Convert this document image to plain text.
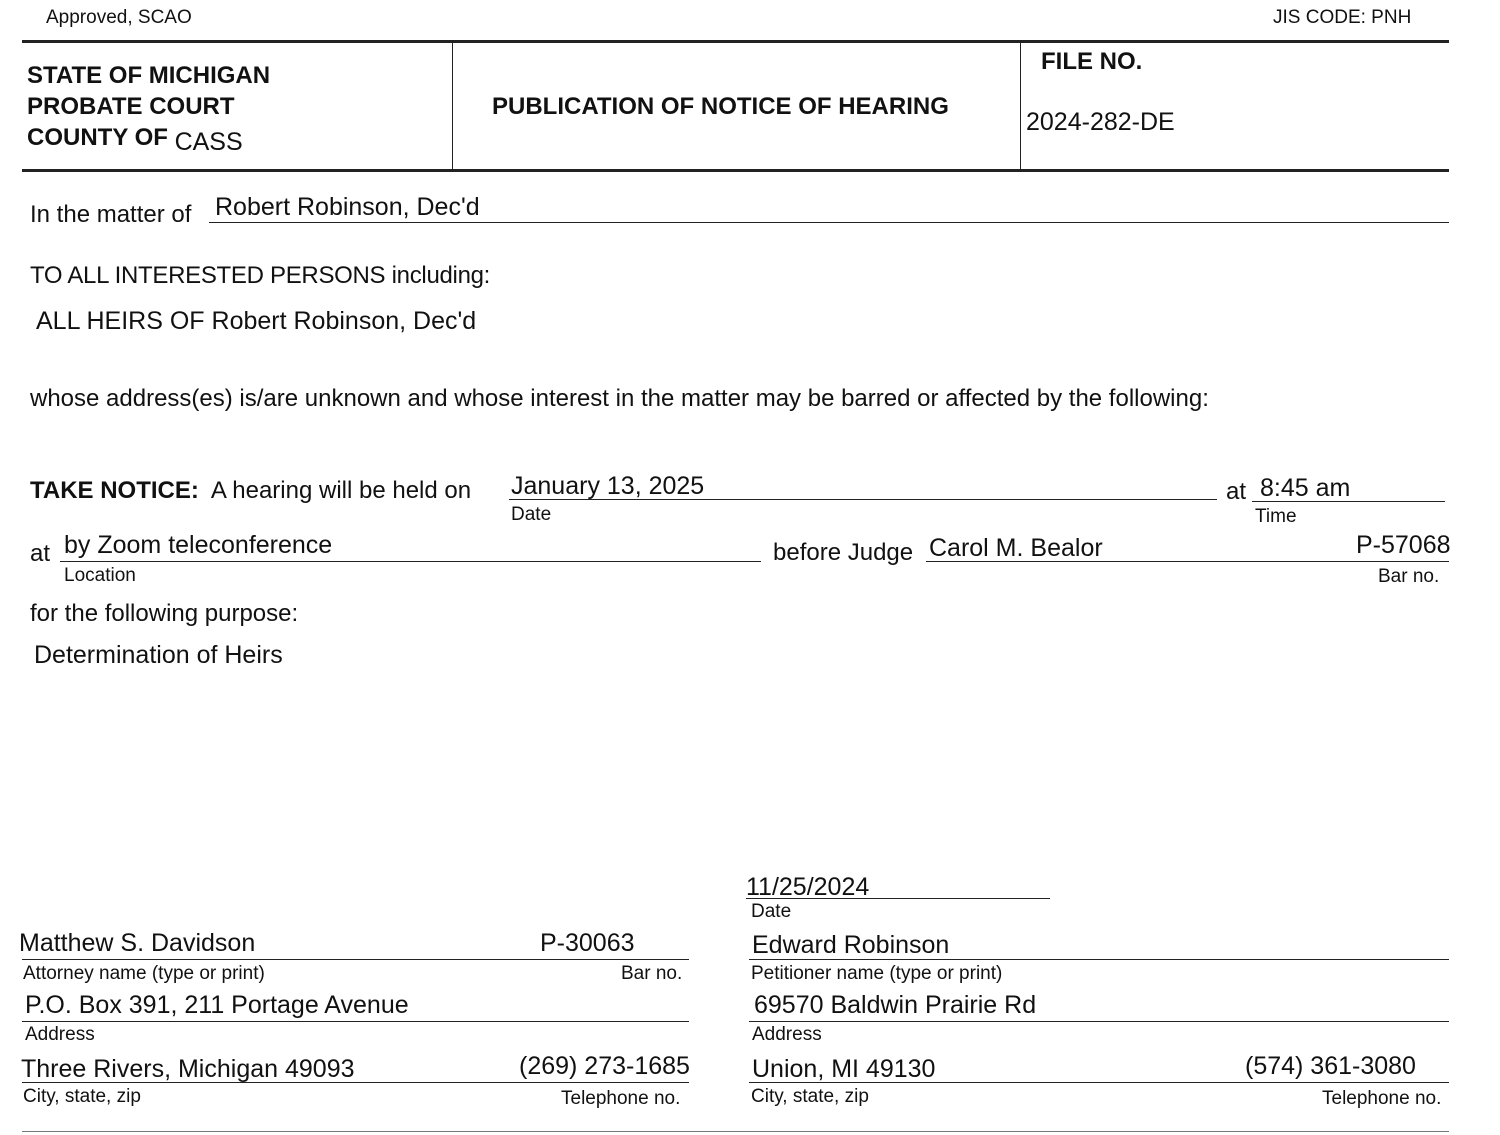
Approved, SCAO	JIS CODE: PNH
STATE OF MICHIGAN
PROBATE COURT
COUNTY OF CASS
PUBLICATION OF NOTICE OF HEARING
FILE NO.
2024-282-DE
In the matter of Robert Robinson, Dec'd
TO ALL INTERESTED PERSONS including:
ALL HEIRS OF Robert Robinson, Dec'd
whose address(es) is/are unknown and whose interest in the matter may be barred or affected by the following:
TAKE NOTICE: A hearing will be held on January 13, 2025
Date
at 8:45 am
Time
at by Zoom teleconference
Location
before Judge Carol M. Bealor	P-57068
Bar no.
for the following purpose:
Determination of Heirs
11/25/2024
Date
Matthew S. Davidson	P-30063
Attorney name (type or print)	Bar no.
P.O. Box 391, 211 Portage Avenue
Address
Three Rivers, Michigan 49093	(269) 273-1685
City, state, zip	Telephone no.
Edward Robinson
Petitioner name (type or print)
69570 Baldwin Prairie Rd
Address
Union, MI 49130	(574) 361-3080
City, state, zip	Telephone no.
